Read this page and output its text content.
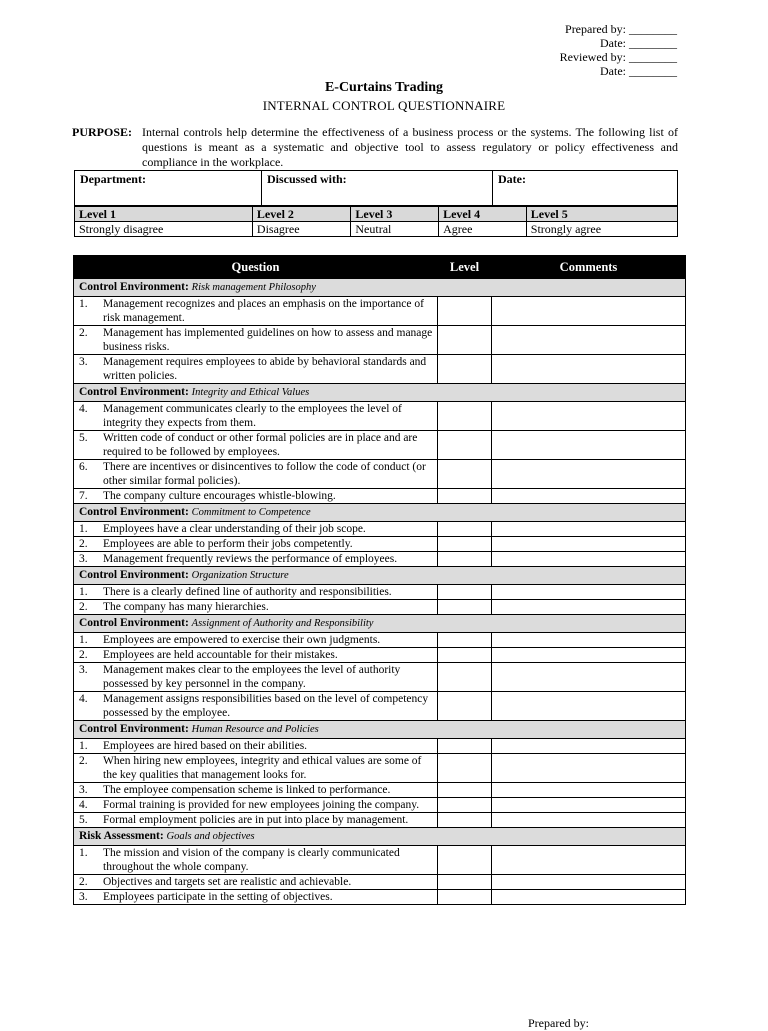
Prepared by: ________
Date: ________
Reviewed by: ________
Date: ________
E-Curtains Trading
INTERNAL CONTROL QUESTIONNAIRE
PURPOSE: Internal controls help determine the effectiveness of a business process or the systems. The following list of questions is meant as a systematic and objective tool to assess regulatory or policy effectiveness and compliance in the workplace.
Department:	Discussed with:	Date:
Level 1	Level 2	Level 3	Level 4	Level 5
Strongly disagree	Disagree	Neutral	Agree	Strongly agree
Question	Level	Comments
Control Environment: Risk management Philosophy		

1. Management recognizes and places an emphasis on the importance of risk management.		

2. Management has implemented guidelines on how to assess and manage business risks.		

3. Management requires employees to abide by behavioral standards and written policies.		

Control Environment: Integrity and Ethical Values		

4. Management communicates clearly to the employees the level of integrity they expects from them.		

5. Written code of conduct or other formal policies are in place and are required to be followed by employees.		

6. There are incentives or disincentives to follow the code of conduct (or other similar formal policies).		

7. The company culture encourages whistle-blowing.		

Control Environment: Commitment to Competence		

1. Employees have a clear understanding of their job scope.		

2. Employees are able to perform their jobs competently.		

3. Management frequently reviews the performance of employees.		

Control Environment: Organization Structure		

1. There is a clearly defined line of authority and responsibilities.		

2. The company has many hierarchies.		

Control Environment: Assignment of Authority and Responsibility		

1. Employees are empowered to exercise their own judgments.		

2. Employees are held accountable for their mistakes.		

3. Management makes clear to the employees the level of authority possessed by key personnel in the company.		

4. Management assigns responsibilities based on the level of competency possessed by the employee.		

Control Environment: Human Resource and Policies		

1. Employees are hired based on their abilities.		

2. When hiring new employees, integrity and ethical values are some of the key qualities that management looks for.		

3. The employee compensation scheme is linked to performance.		

4. Formal training is provided for new employees joining the company.		

5. Formal employment policies are in put into place by management.		

Risk Assessment: Goals and objectives		

1. The mission and vision of the company is clearly communicated throughout the whole company.		

2. Objectives and targets set are realistic and achievable.		

3. Employees participate in the setting of objectives.		

Prepared by:
